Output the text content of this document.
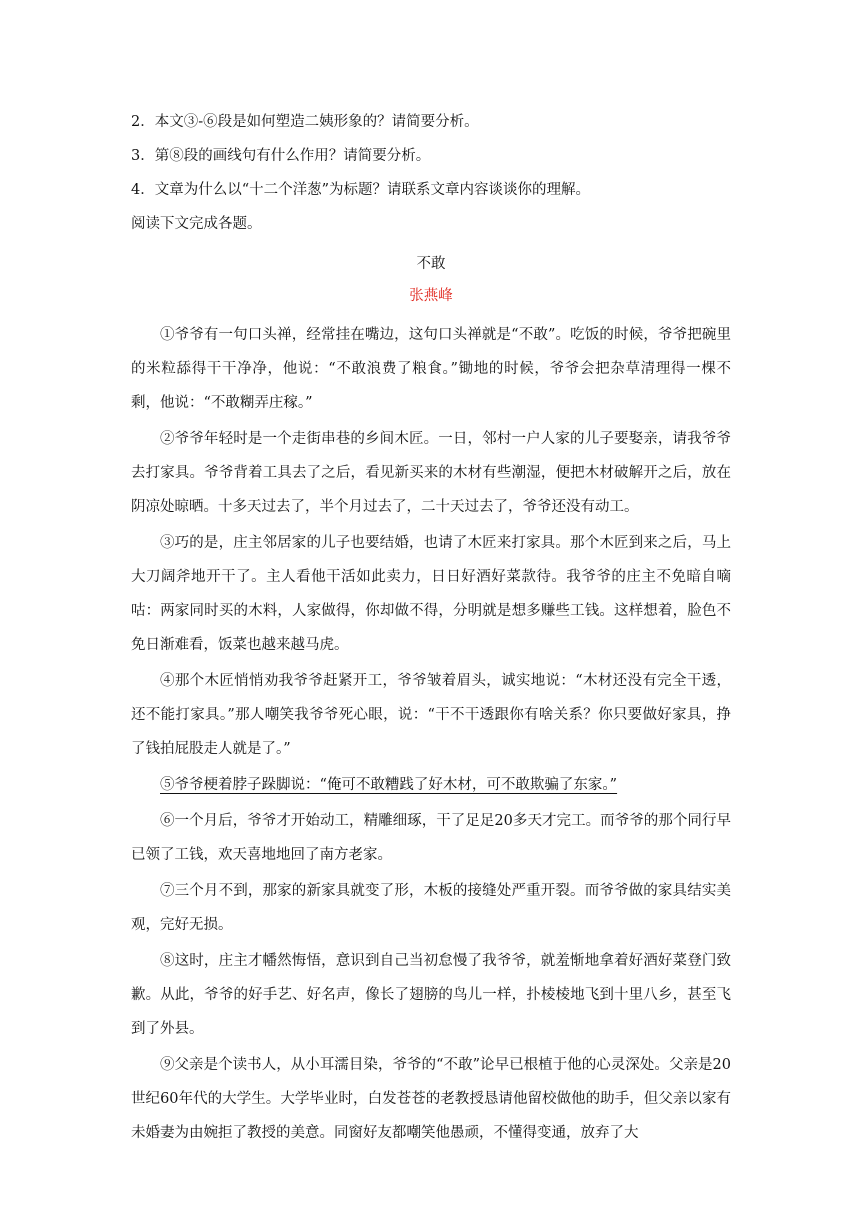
2．本文③-⑥段是如何塑造二姨形象的？请简要分析。

3．第⑧段的画线句有什么作用？请简要分析。

4．文章为什么以“十二个洋葱”为标题？请联系文章内容谈谈你的理解。

阅读下文完成各题。

不敢

张燕峰

①爷爷有一句口头禅，经常挂在嘴边，这句口头禅就是“不敢”。吃饭的时候，爷爷把碗里的米粒舔得干干净净，他说：“不敢浪费了粮食。”锄地的时候，爷爷会把杂草清理得一棵不剩，他说：“不敢糊弄庄稼。”

②爷爷年轻时是一个走街串巷的乡间木匠。一日，邻村一户人家的儿子要娶亲，请我爷爷去打家具。爷爷背着工具去了之后，看见新买来的木材有些潮湿，便把木材破解开之后，放在阴凉处晾晒。十多天过去了，半个月过去了，二十天过去了，爷爷还没有动工。

③巧的是，庄主邻居家的儿子也要结婚，也请了木匠来打家具。那个木匠到来之后，马上大刀阔斧地开干了。主人看他干活如此卖力，日日好酒好菜款待。我爷爷的庄主不免暗自嘀咕：两家同时买的木料，人家做得，你却做不得，分明就是想多赚些工钱。这样想着，脸色不免日渐难看，饭菜也越来越马虎。

④那个木匠悄悄劝我爷爷赶紧开工，爷爷皱着眉头，诚实地说：“木材还没有完全干透，还不能打家具。”那人嘲笑我爷爷死心眼，说：“干不干透跟你有啥关系？你只要做好家具，挣了钱拍屁股走人就是了。”

⑤爷爷梗着脖子跺脚说：“俺可不敢糟践了好木材，可不敢欺骗了东家。”

⑥一个月后，爷爷才开始动工，精雕细琢，干了足足20多天才完工。而爷爷的那个同行早已领了工钱，欢天喜地地回了南方老家。

⑦三个月不到，那家的新家具就变了形，木板的接缝处严重开裂。而爷爷做的家具结实美观，完好无损。

⑧这时，庄主才幡然悔悟，意识到自己当初怠慢了我爷爷，就羞惭地拿着好酒好菜登门致歉。从此，爷爷的好手艺、好名声，像长了翅膀的鸟儿一样，扑棱棱地飞到十里八乡，甚至飞到了外县。

⑨父亲是个读书人，从小耳濡目染，爷爷的“不敢”论早已根植于他的心灵深处。父亲是20世纪60年代的大学生。大学毕业时，白发苍苍的老教授恳请他留校做他的助手，但父亲以家有未婚妻为由婉拒了教授的美意。同窗好友都嘲笑他愚顽，不懂得变通，放弃了大
